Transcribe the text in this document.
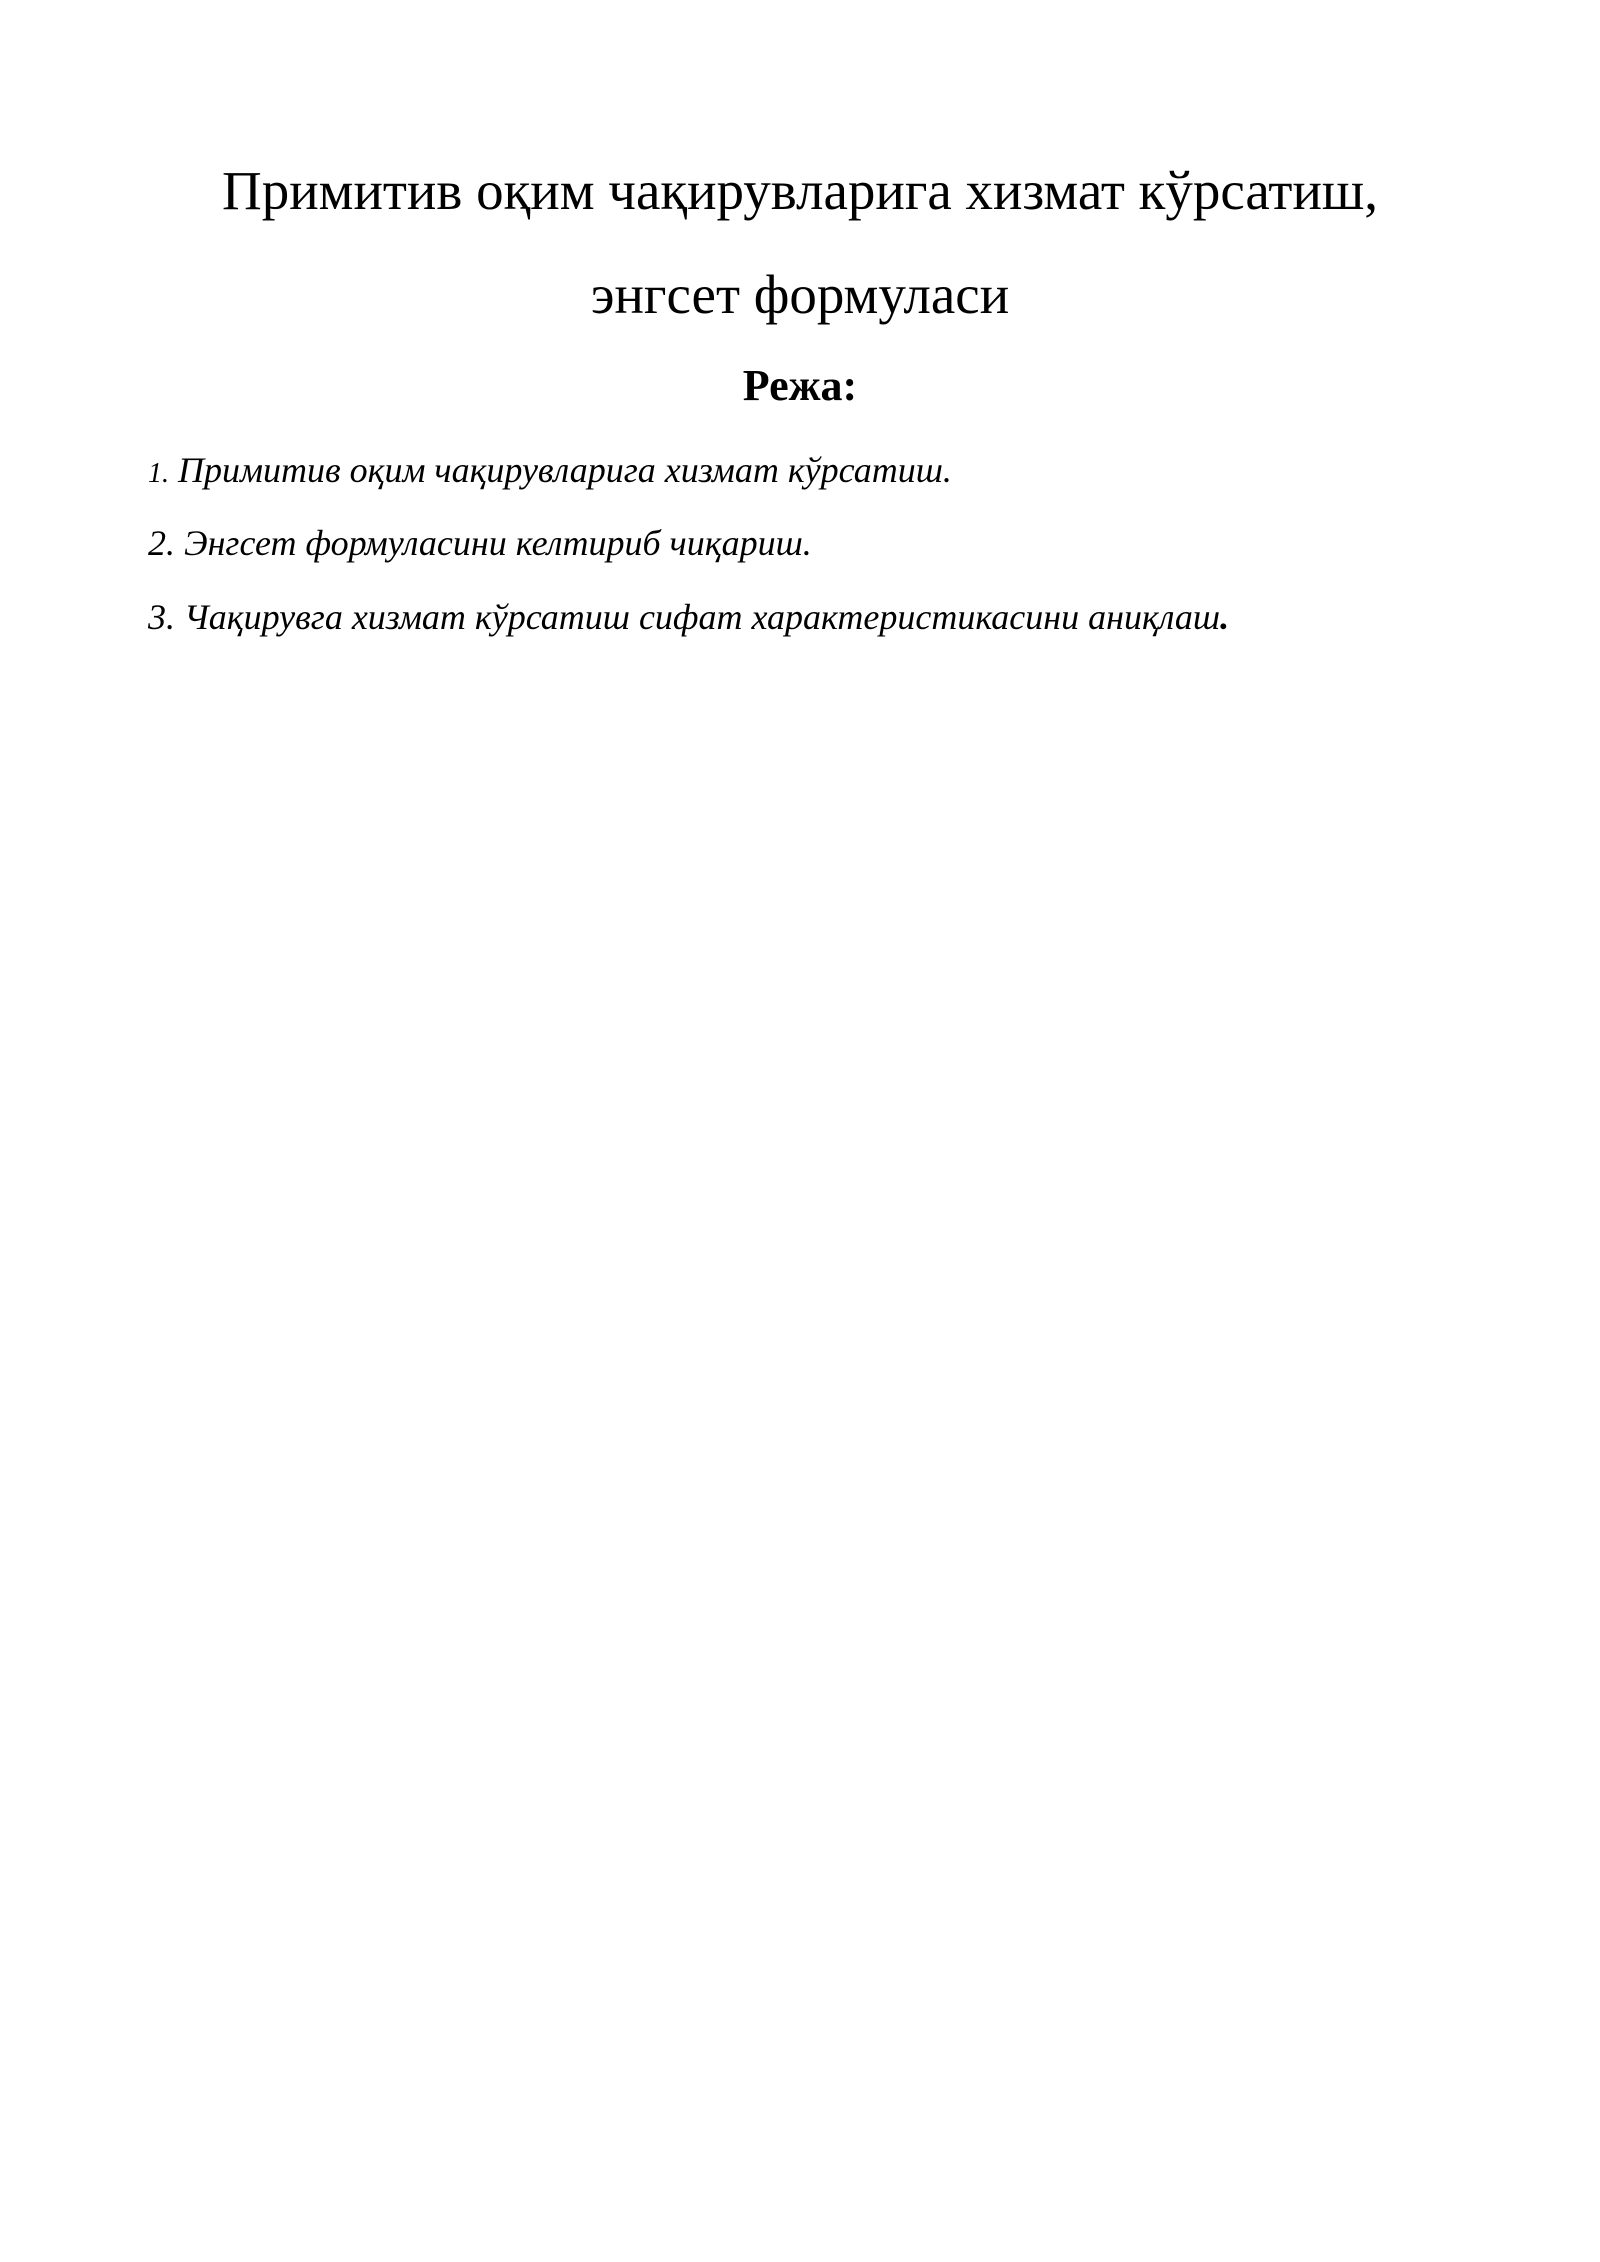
Примитив оқим чақирувларига хизмат кўрсатиш,
энгсет формуласи
Режа:
1. Примитив оқим чақирувларига хизмат кўрсатиш.
2. Энгсет формуласини келтириб чиқариш.
3. Чақирувга хизмат кўрсатиш сифат характеристикасини аниқлаш.
